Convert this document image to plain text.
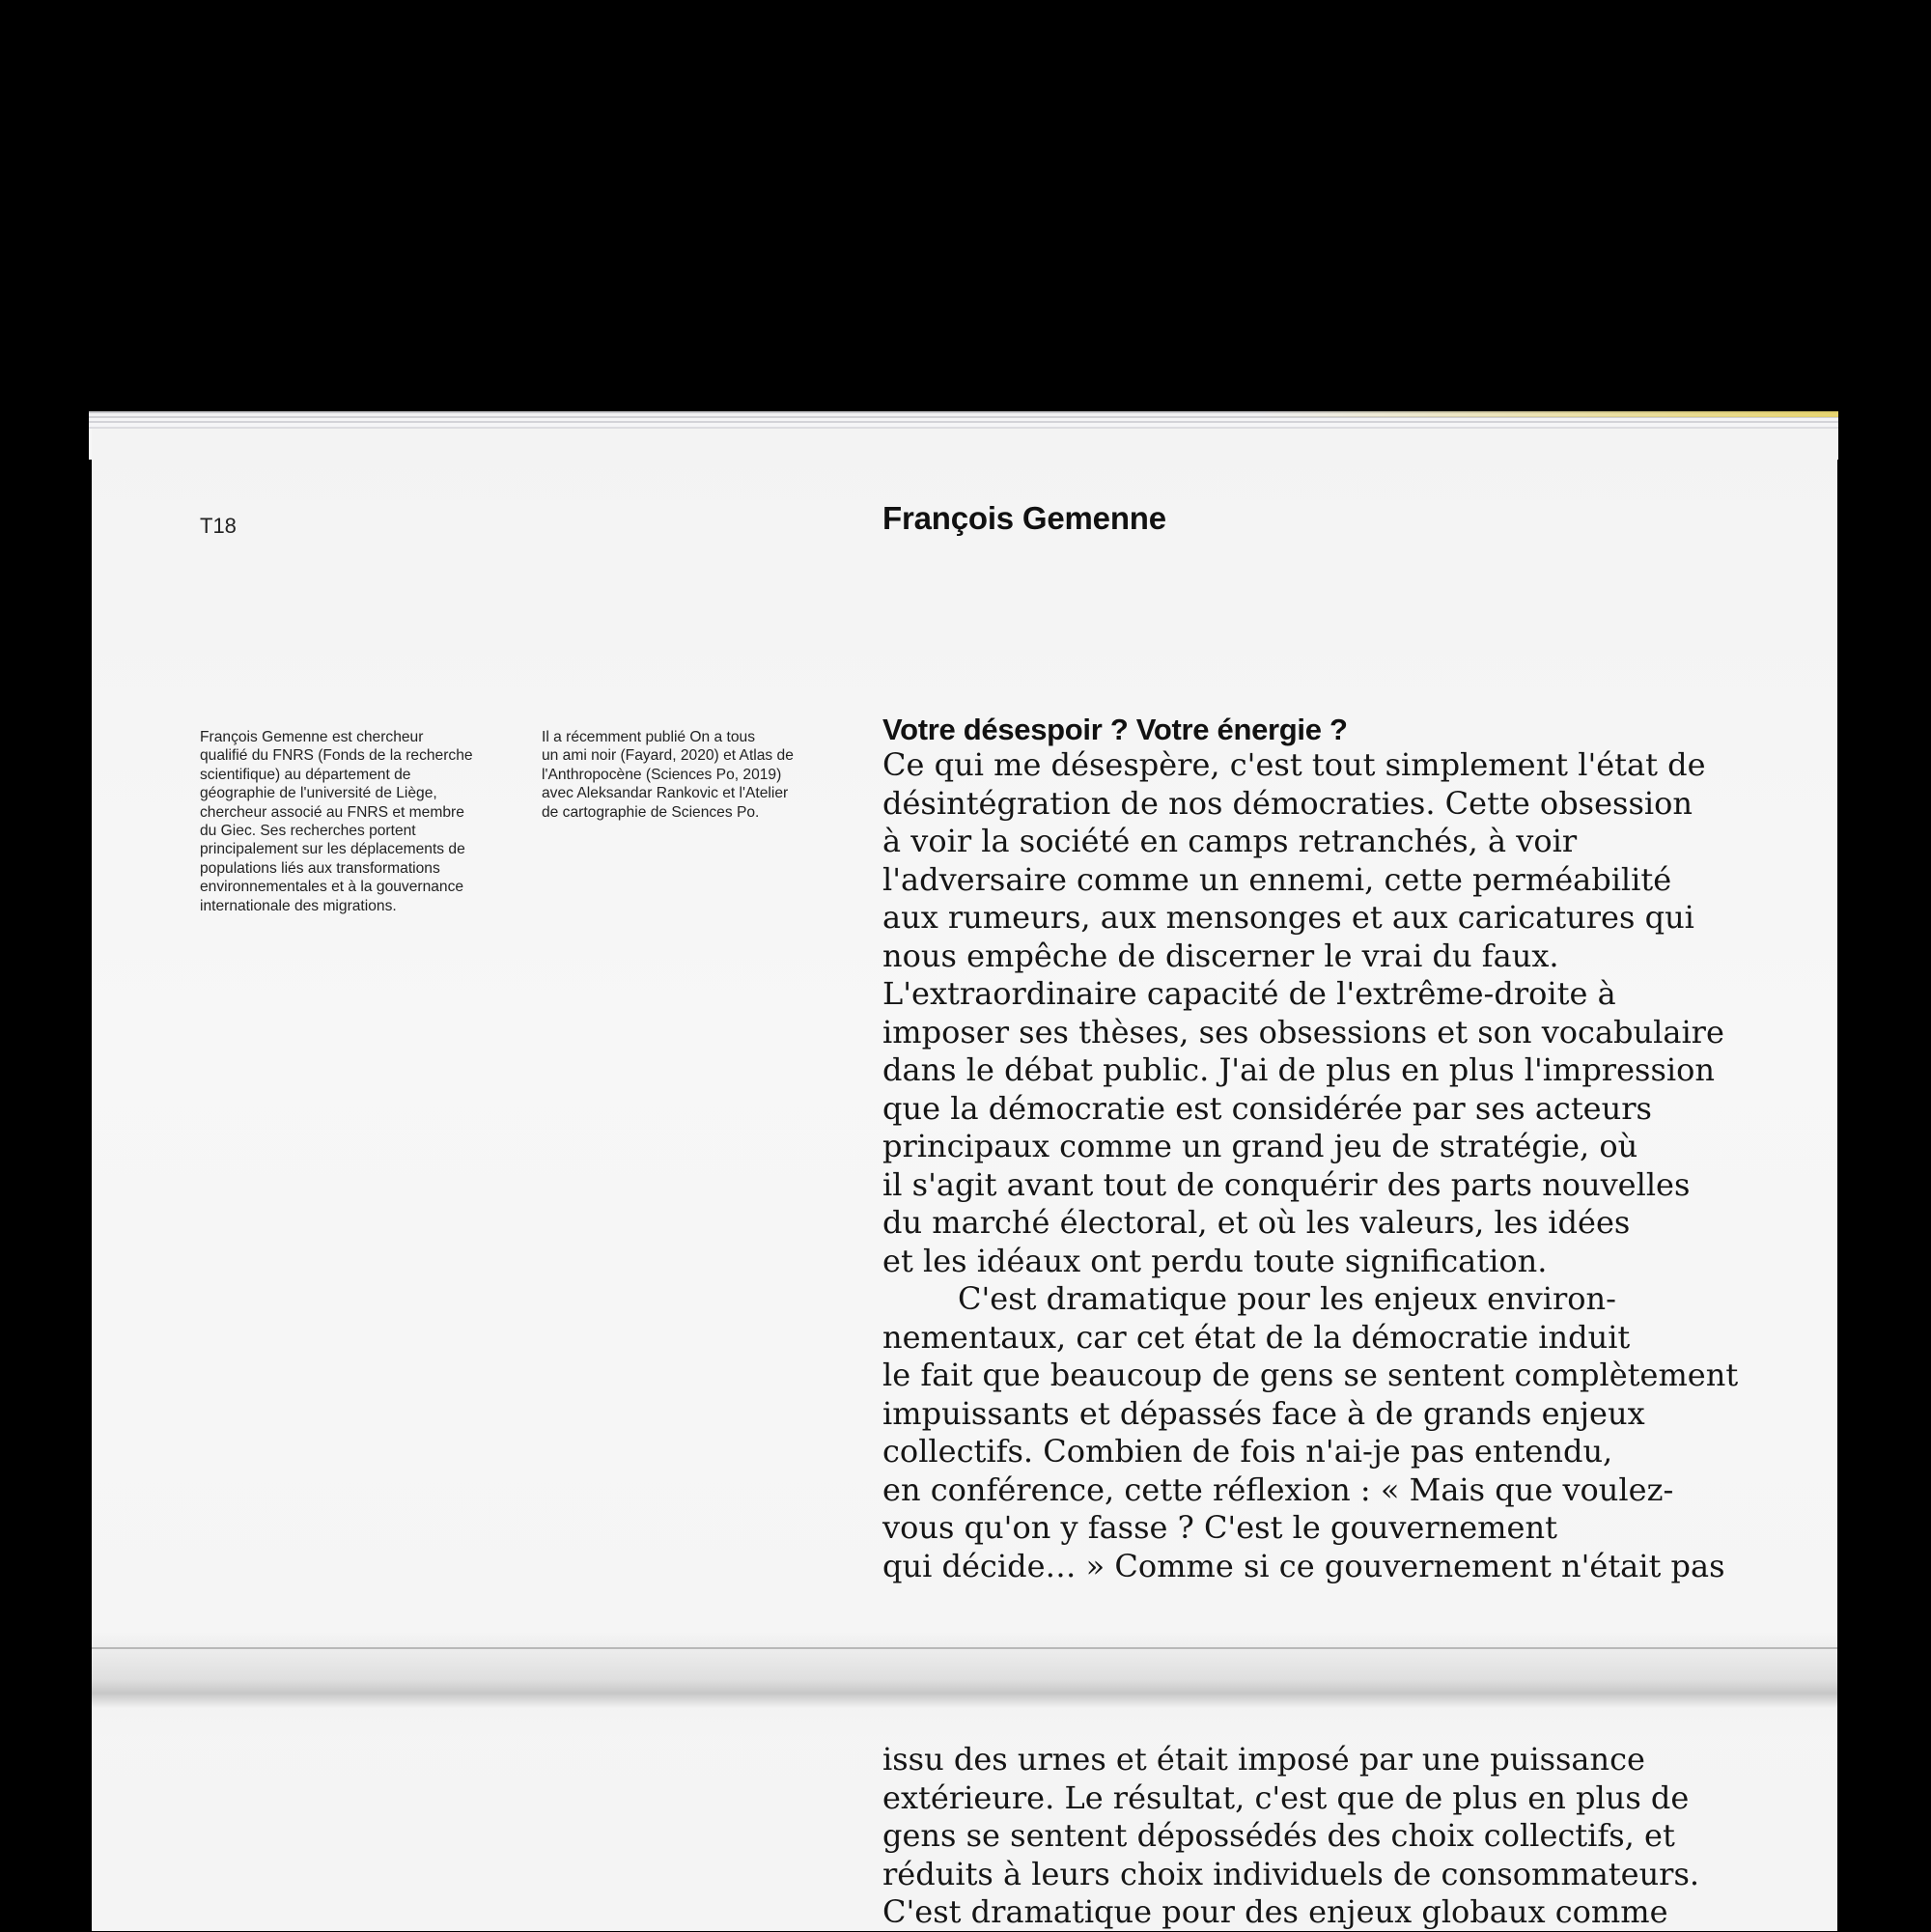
T18	François Gemenne
François Gemenne est chercheur
qualifié du FNRS (Fonds de la recherche
scientifique) au département de
géographie de l'université de Liège,
chercheur associé au FNRS et membre
du Giec. Ses recherches portent
principalement sur les déplacements de
populations liés aux transformations
environnementales et à la gouvernance
internationale des migrations.
Il a récemment publié On a tous
un ami noir (Fayard, 2020) et Atlas de
l'Anthropocène (Sciences Po, 2019)
avec Aleksandar Rankovic et l'Atelier
de cartographie de Sciences Po.
Votre désespoir ? Votre énergie ?
Ce qui me désespère, c'est tout simplement l'état de
désintégration de nos démocraties. Cette obsession
à voir la société en camps retranchés, à voir
l'adversaire comme un ennemi, cette perméabilité
aux rumeurs, aux mensonges et aux caricatures qui
nous empêche de discerner le vrai du faux.
L'extraordinaire capacité de l'extrême-droite à
imposer ses thèses, ses obsessions et son vocabulaire
dans le débat public. J'ai de plus en plus l'impression
que la démocratie est considérée par ses acteurs
principaux comme un grand jeu de stratégie, où
il s'agit avant tout de conquérir des parts nouvelles
du marché électoral, et où les valeurs, les idées
et les idéaux ont perdu toute signification.
C'est dramatique pour les enjeux environ-
nementaux, car cet état de la démocratie induit
le fait que beaucoup de gens se sentent complètement
impuissants et dépassés face à de grands enjeux
collectifs. Combien de fois n'ai-je pas entendu,
en conférence, cette réflexion : « Mais que voulez-
vous qu'on y fasse ? C'est le gouvernement
qui décide… » Comme si ce gouvernement n'était pas
issu des urnes et était imposé par une puissance
extérieure. Le résultat, c'est que de plus en plus de
gens se sentent dépossédés des choix collectifs, et
réduits à leurs choix individuels de consommateurs.
C'est dramatique pour des enjeux globaux comme
